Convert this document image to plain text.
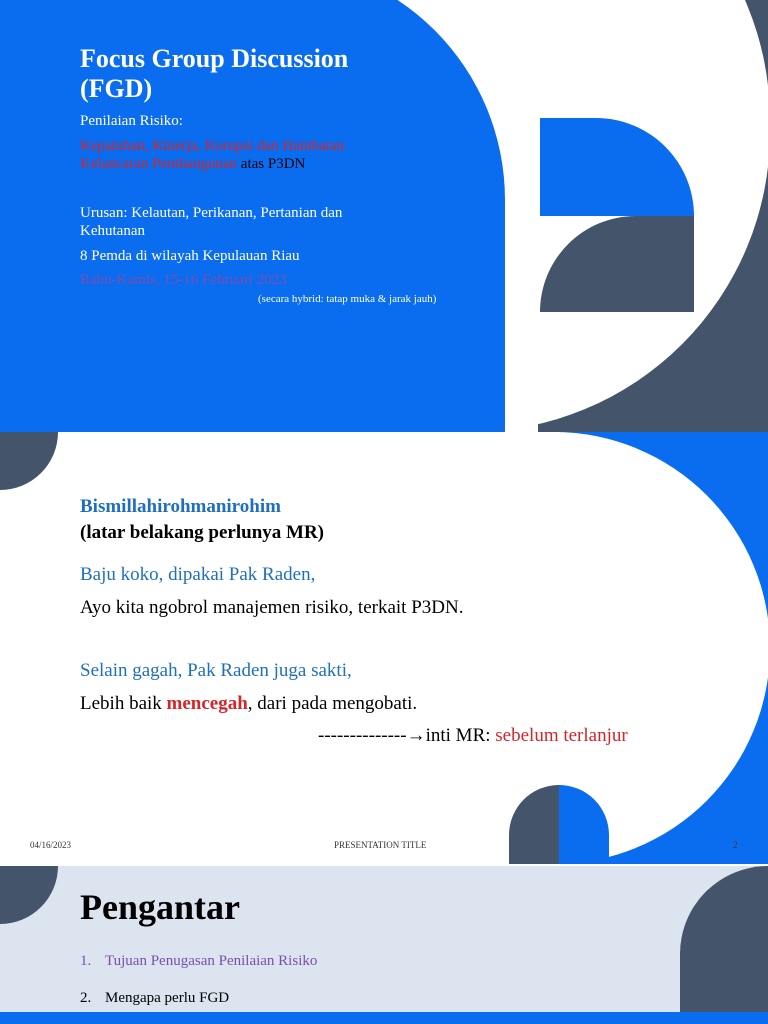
Focus Group Discussion
(FGD)
Penilaian Risiko:
Kepatuhan, Kinerja, Korupsi dan Hambatan
Kelancaran Pembangunan atas P3DN
Urusan: Kelautan, Perikanan, Pertanian dan
Kehutanan
8 Pemda di wilayah Kepulauan Riau
Rabu-Kamis, 15-16 Februari 2023
(secara hybrid: tatap muka & jarak jauh)
Bismillahirohmanirohim
(latar belakang perlunya MR)
Baju koko, dipakai Pak Raden,
Ayo kita ngobrol manajemen risiko, terkait P3DN.
Selain gagah, Pak Raden juga sakti,
Lebih baik mencegah, dari pada mengobati.
--------------→inti MR: sebelum terlanjur
04/16/2023	PRESENTATION TITLE	2
Pengantar
1. Tujuan Penugasan Penilaian Risiko
2. Mengapa perlu FGD
